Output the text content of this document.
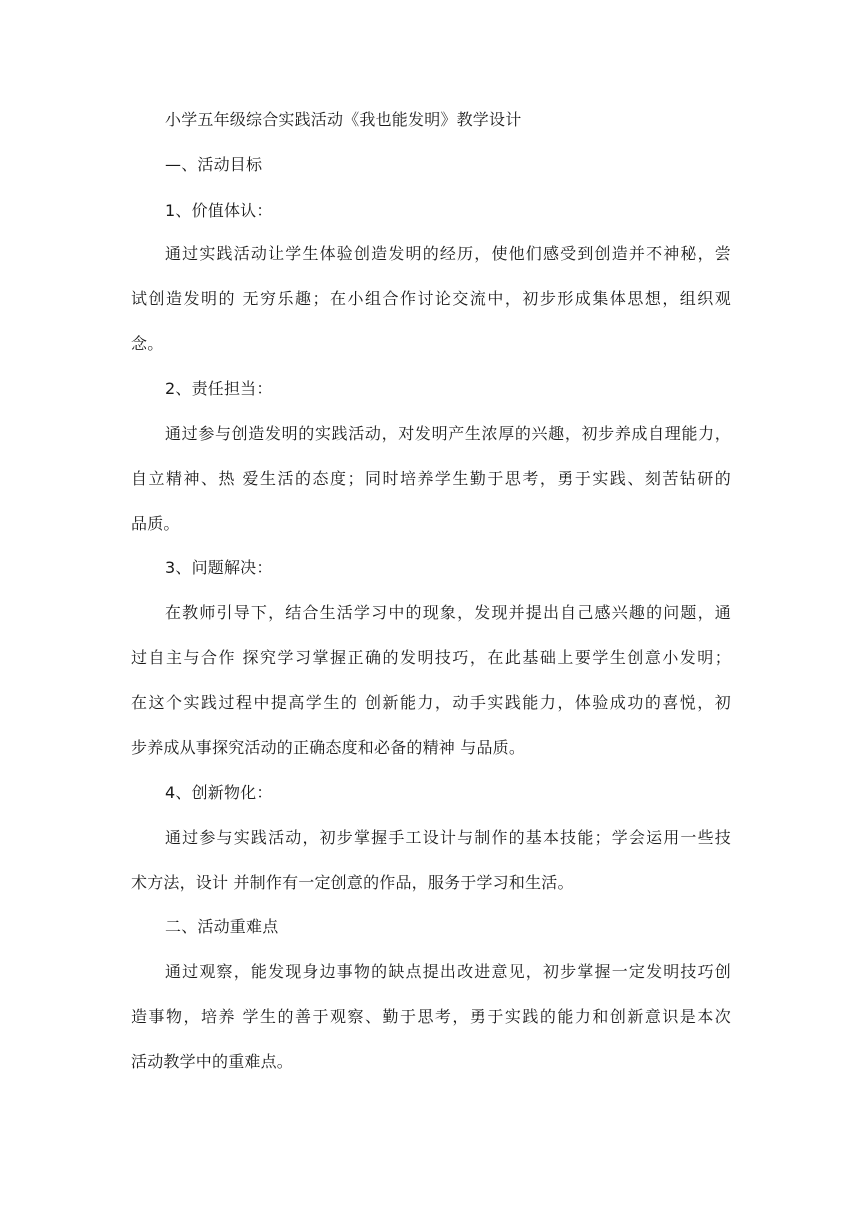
小学五年级综合实践活动《我也能发明》教学设计
—、活动目标
1、价值体认：
通过实践活动让学生体验创造发明的经历，使他们感受到创造并不神秘，尝
试创造发明的 无穷乐趣；在小组合作讨论交流中，初步形成集体思想，组织观
念。
2、责任担当：
通过参与创造发明的实践活动，对发明产生浓厚的兴趣，初步养成自理能力，
自立精神、热 爱生活的态度；同时培养学生勤于思考，勇于实践、刻苦钻研的
品质。
3、问题解决：
在教师引导下，结合生活学习中的现象，发现并提出自己感兴趣的问题，通
过自主与合作 探究学习掌握正确的发明技巧，在此基础上要学生创意小发明；
在这个实践过程中提高学生的 创新能力，动手实践能力，体验成功的喜悦，初
步养成从事探究活动的正确态度和必备的精神 与品质。
4、创新物化：
通过参与实践活动，初步掌握手工设计与制作的基本技能；学会运用一些技
术方法，设计 并制作有一定创意的作品，服务于学习和生活。
二、活动重难点
通过观察，能发现身边事物的缺点提出改进意见，初步掌握一定发明技巧创
造事物，培养 学生的善于观察、勤于思考，勇于实践的能力和创新意识是本次
活动教学中的重难点。
